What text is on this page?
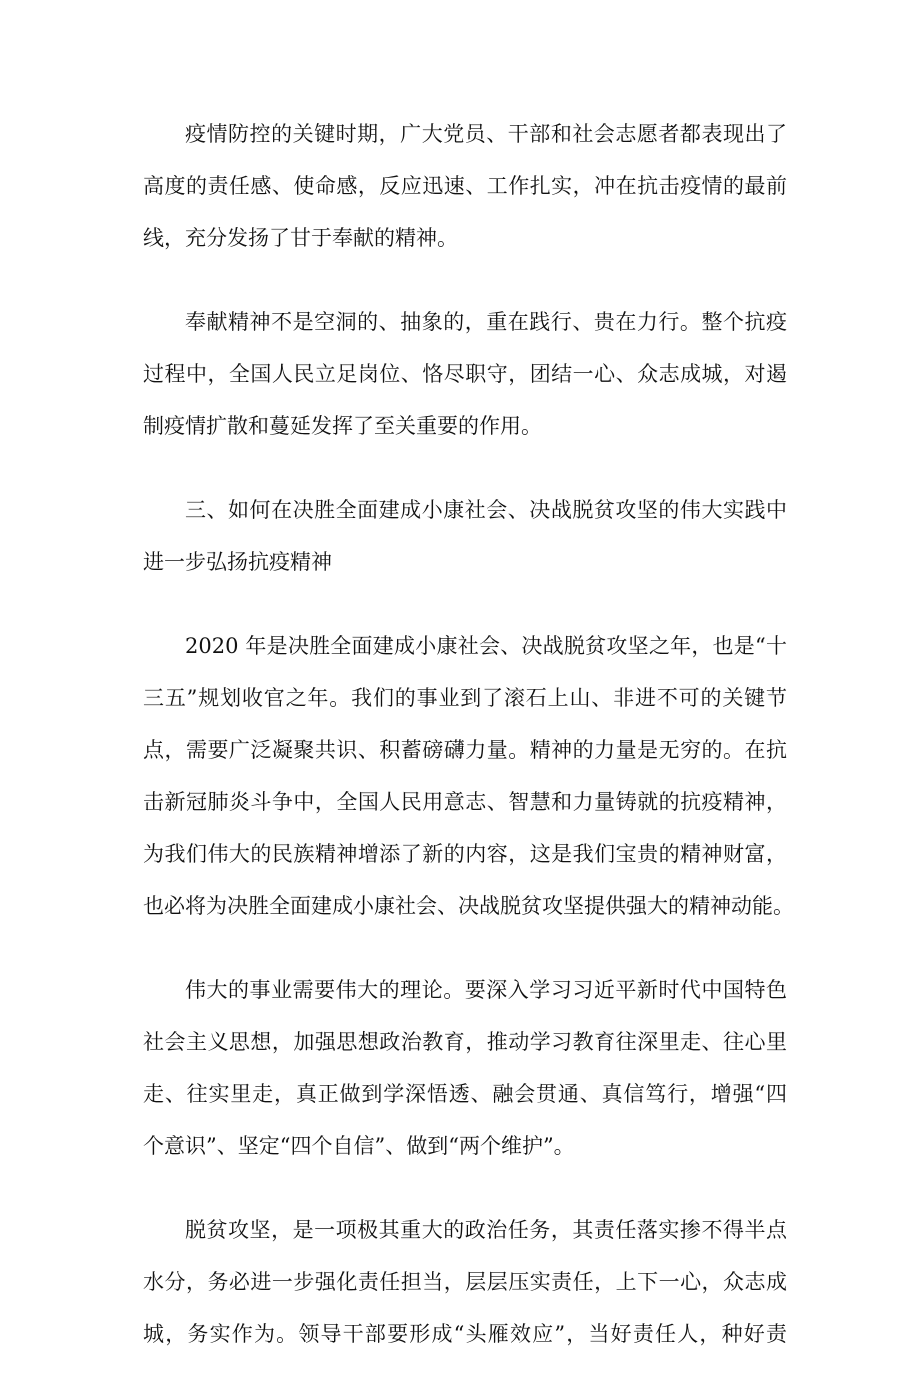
疫情防控的关键时期，广大党员、干部和社会志愿者都表现出了
高度的责任感、使命感，反应迅速、工作扎实，冲在抗击疫情的最前
线，充分发扬了甘于奉献的精神。

奉献精神不是空洞的、抽象的，重在践行、贵在力行。整个抗疫
过程中，全国人民立足岗位、恪尽职守，团结一心、众志成城，对遏
制疫情扩散和蔓延发挥了至关重要的作用。

三、如何在决胜全面建成小康社会、决战脱贫攻坚的伟大实践中
进一步弘扬抗疫精神

2020 年是决胜全面建成小康社会、决战脱贫攻坚之年，也是“十
三五”规划收官之年。我们的事业到了滚石上山、非进不可的关键节
点，需要广泛凝聚共识、积蓄磅礴力量。精神的力量是无穷的。在抗
击新冠肺炎斗争中，全国人民用意志、智慧和力量铸就的抗疫精神，
为我们伟大的民族精神增添了新的内容，这是我们宝贵的精神财富，
也必将为决胜全面建成小康社会、决战脱贫攻坚提供强大的精神动能。

伟大的事业需要伟大的理论。要深入学习习近平新时代中国特色
社会主义思想，加强思想政治教育，推动学习教育往深里走、往心里
走、往实里走，真正做到学深悟透、融会贯通、真信笃行，增强“四
个意识”、坚定“四个自信”、做到“两个维护”。

脱贫攻坚，是一项极其重大的政治任务，其责任落实掺不得半点
水分，务必进一步强化责任担当，层层压实责任，上下一心，众志成
城，务实作为。领导干部要形成“头雁效应”，当好责任人，种好责
